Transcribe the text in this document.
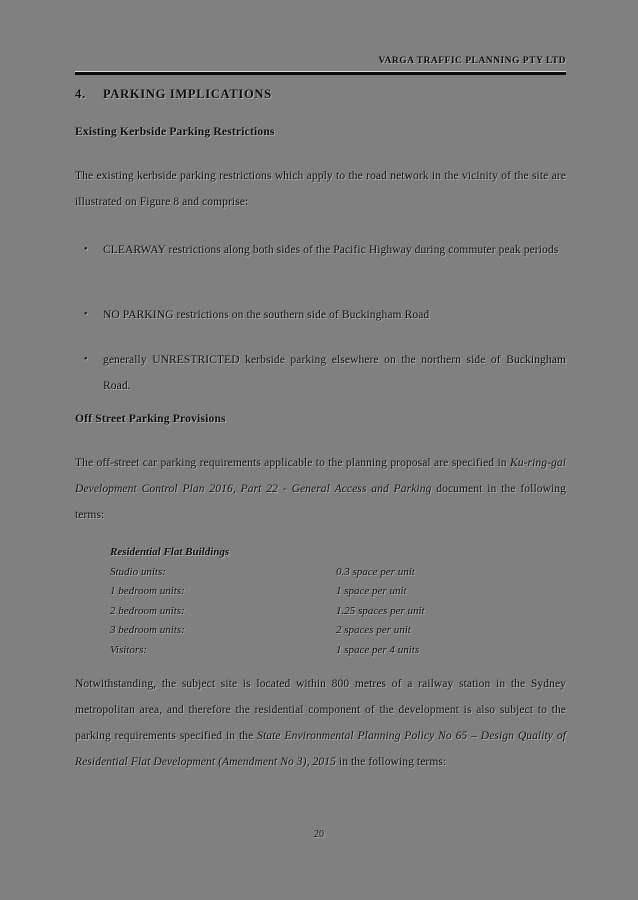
VARGA TRAFFIC PLANNING PTY LTD
4.	PARKING IMPLICATIONS
Existing Kerbside Parking Restrictions
The existing kerbside parking restrictions which apply to the road network in the vicinity of the site are illustrated on Figure 8 and comprise:
• CLEARWAY restrictions along both sides of the Pacific Highway during commuter peak periods
• NO PARKING restrictions on the southern side of Buckingham Road
• generally UNRESTRICTED kerbside parking elsewhere on the northern side of Buckingham Road.
Off Street Parking Provisions
The off-street car parking requirements applicable to the planning proposal are specified in Ku-ring-gai Development Control Plan 2016, Part 22 - General Access and Parking document in the following terms:
Residential Flat Buildings
Studio units:	0.3 space per unit
1 bedroom units:	1 space per unit
2 bedroom units:	1.25 spaces per unit
3 bedroom units:	2 spaces per unit
Visitors:	1 space per 4 units
Notwithstanding, the subject site is located within 800 metres of a railway station in the Sydney metropolitan area, and therefore the residential component of the development is also subject to the parking requirements specified in the State Environmental Planning Policy No 65 – Design Quality of Residential Flat Development (Amendment No 3), 2015 in the following terms:
20
